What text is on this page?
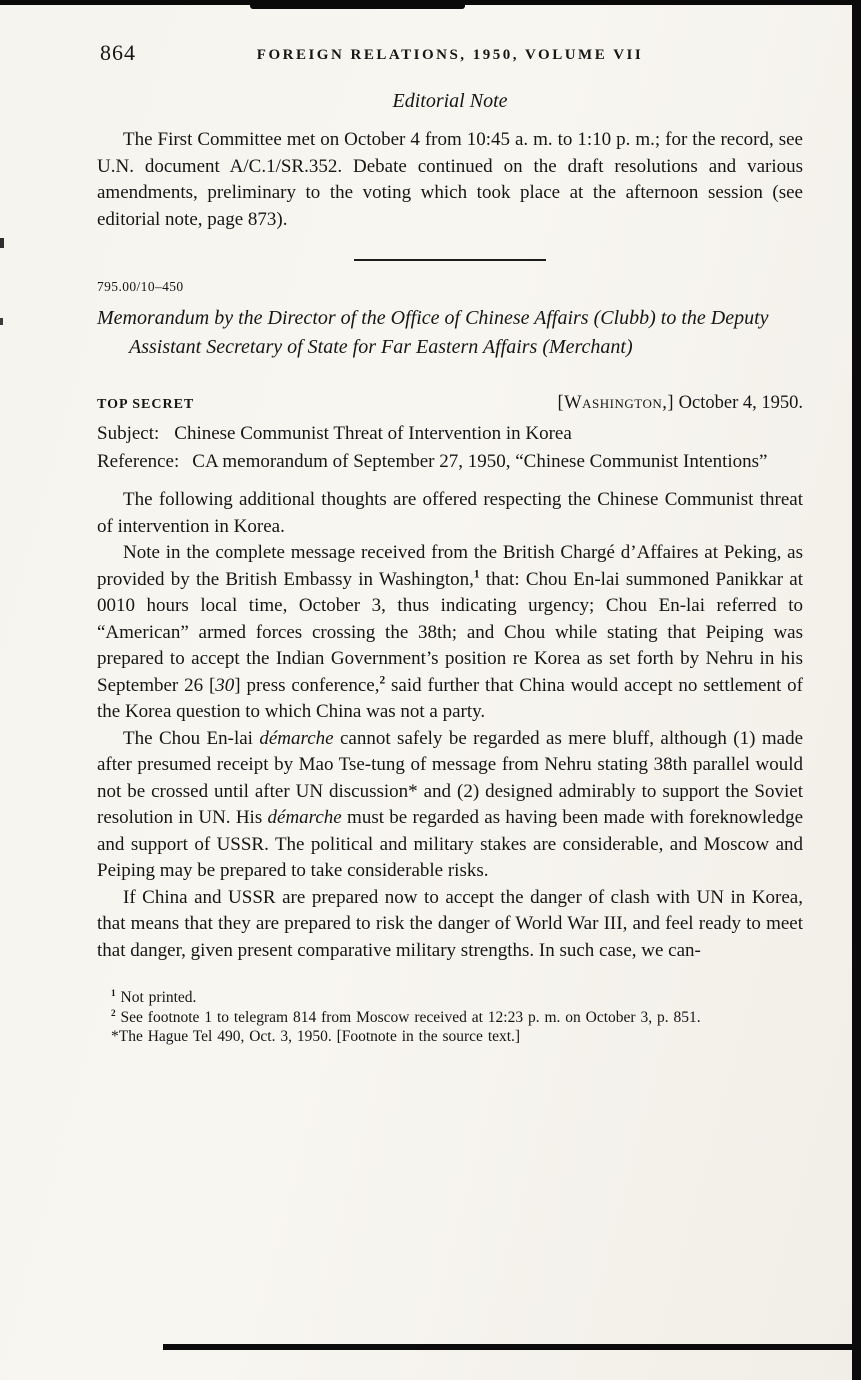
864	FOREIGN RELATIONS, 1950, VOLUME VII
Editorial Note

The First Committee met on October 4 from 10:45 a. m. to 1:10 p. m.; for the record, see U.N. document A/C.1/SR.352. Debate continued on the draft resolutions and various amendments, preliminary to the voting which took place at the afternoon session (see editorial note, page 873).

795.00/10–450
Memorandum by the Director of the Office of Chinese Affairs (Clubb) to the Deputy Assistant Secretary of State for Far Eastern Affairs (Merchant)
TOP SECRET	[Washington,] October 4, 1950.
Subject: Chinese Communist Threat of Intervention in Korea
Reference: CA memorandum of September 27, 1950, “Chinese Communist Intentions”

The following additional thoughts are offered respecting the Chinese Communist threat of intervention in Korea.

Note in the complete message received from the British Chargé d’Affaires at Peking, as provided by the British Embassy in Washington,$^1$ that: Chou En-lai summoned Panikkar at 0010 hours local time, October 3, thus indicating urgency; Chou En-lai referred to “American” armed forces crossing the 38th; and Chou while stating that Peiping was prepared to accept the Indian Government’s position re Korea as set forth by Nehru in his September 26 [30] press conference,$^2$ said further that China would accept no settlement of the Korea question to which China was not a party.

The Chou En-lai démarche cannot safely be regarded as mere bluff, although (1) made after presumed receipt by Mao Tse-tung of message from Nehru stating 38th parallel would not be crossed until after UN discussion* and (2) designed admirably to support the Soviet resolution in UN. His démarche must be regarded as having been made with foreknowledge and support of USSR. The political and military stakes are considerable, and Moscow and Peiping may be prepared to take considerable risks.

If China and USSR are prepared now to accept the danger of clash with UN in Korea, that means that they are prepared to risk the danger of World War III, and feel ready to meet that danger, given present comparative military strengths. In such case, we can-

$^1$ Not printed.

$^2$ See footnote 1 to telegram 814 from Moscow received at 12:23 p. m. on October 3, p. 851.

*The Hague Tel 490, Oct. 3, 1950. [Footnote in the source text.]
